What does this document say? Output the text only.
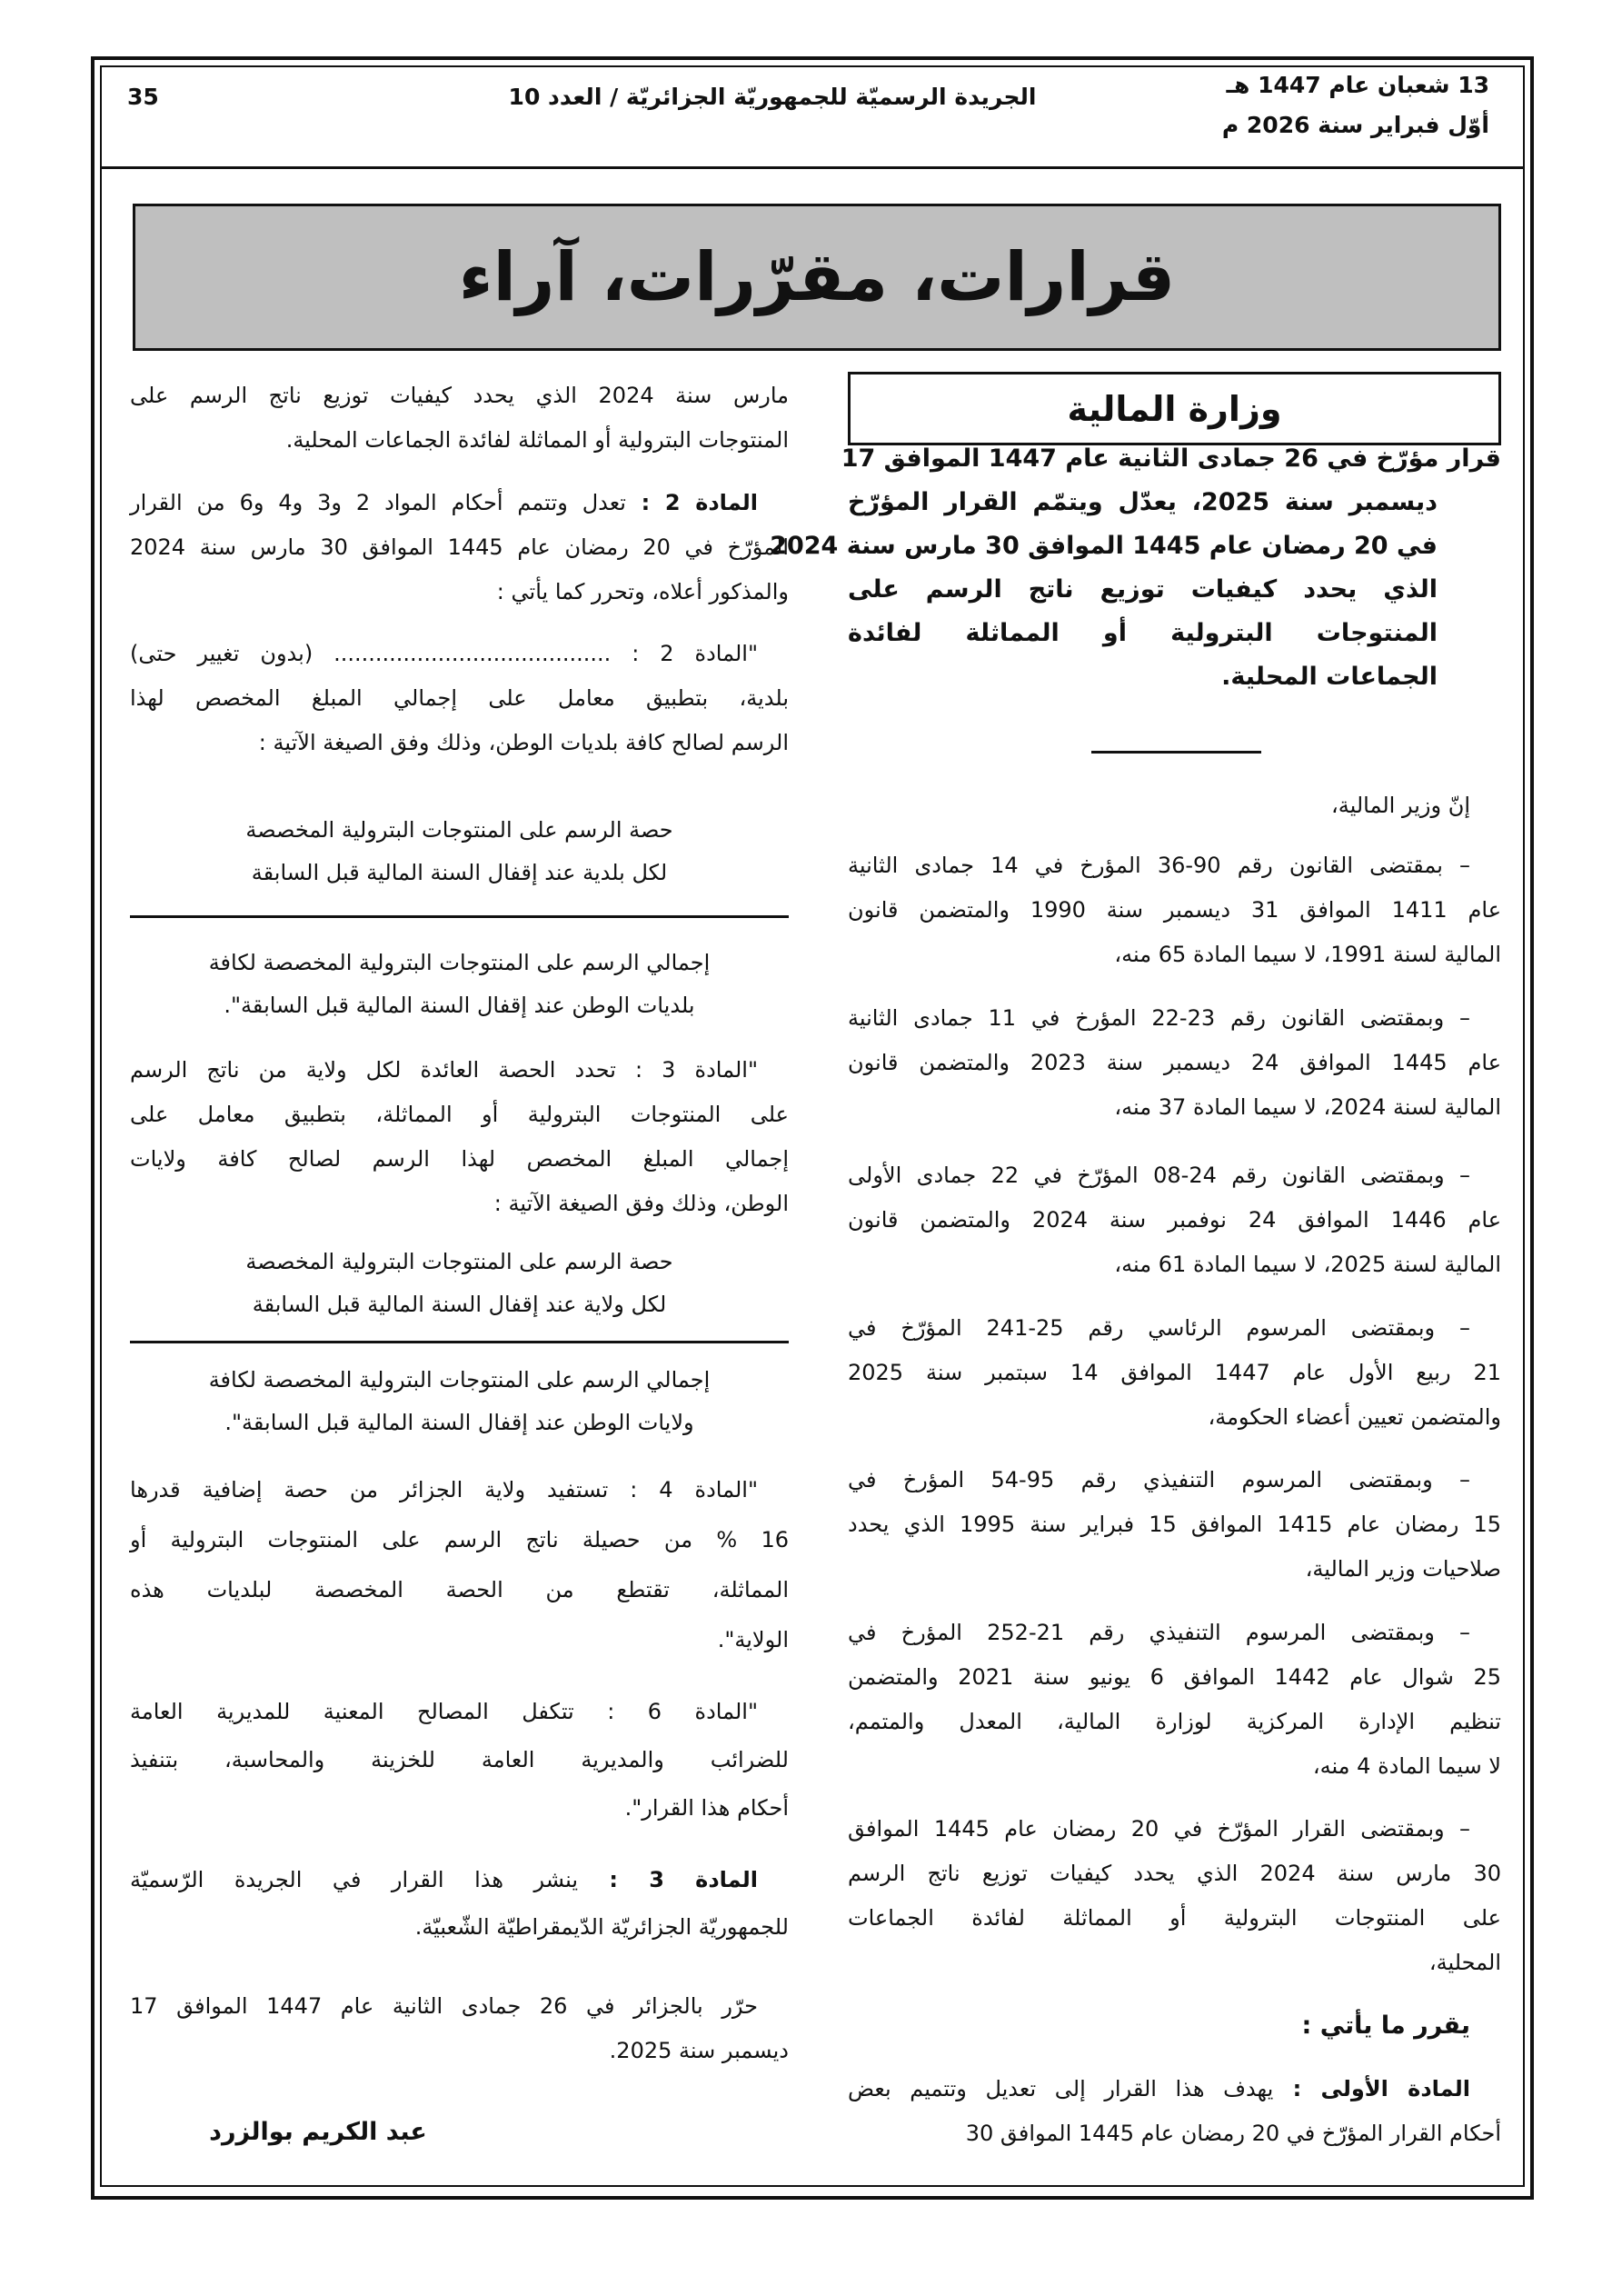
13 شعبان عام 1447 هـ
أوّل فبراير سنة 2026 م
الجريدة الرسميّة للجمهوريّة الجزائريّة / العدد 10
35
قرارات، مقرّرات، آراء
وزارة المالية
قرار مؤرّخ في 26 جمادى الثانية عام 1447 الموافق 17
ديسمبر سنة 2025، يعدّل ويتمّم القرار المؤرّخ
في 20 رمضان عام 1445 الموافق 30 مارس سنة 2024
الذي يحدد كيفيات توزيع ناتج الرسم على
المنتوجات البترولية أو المماثلة لفائدة
الجماعات المحلية.
إنّ وزير المالية،
– بمقتضى القانون رقم 90-36 المؤرخ في 14 جمادى الثانية
عام 1411 الموافق 31 ديسمبر سنة 1990 والمتضمن قانون
المالية لسنة 1991، لا سيما المادة 65 منه،
– وبمقتضى القانون رقم 23-22 المؤرخ في 11 جمادى الثانية
عام 1445 الموافق 24 ديسمبر سنة 2023 والمتضمن قانون
المالية لسنة 2024، لا سيما المادة 37 منه،
– وبمقتضى القانون رقم 24-08 المؤرّخ في 22 جمادى الأولى
عام 1446 الموافق 24 نوفمبر سنة 2024 والمتضمن قانون
المالية لسنة 2025، لا سيما المادة 61 منه،
– وبمقتضى المرسوم الرئاسي رقم 25-241 المؤرّخ في
21 ربيع الأول عام 1447 الموافق 14 سبتمبر سنة 2025
والمتضمن تعيين أعضاء الحكومة،
– وبمقتضى المرسوم التنفيذي رقم 95-54 المؤرخ في
15 رمضان عام 1415 الموافق 15 فبراير سنة 1995 الذي يحدد
صلاحيات وزير المالية،
– وبمقتضى المرسوم التنفيذي رقم 21-252 المؤرخ في
25 شوال عام 1442 الموافق 6 يونيو سنة 2021 والمتضمن
تنظيم الإدارة المركزية لوزارة المالية، المعدل والمتمم،
لا سيما المادة 4 منه،
– وبمقتضى القرار المؤرّخ في 20 رمضان عام 1445 الموافق
30 مارس سنة 2024 الذي يحدد كيفيات توزيع ناتج الرسم
على المنتوجات البترولية أو المماثلة لفائدة الجماعات
المحلية،
يقرر ما يأتي :
المادة الأولى : يهدف هذا القرار إلى تعديل وتتميم بعض
أحكام القرار المؤرّخ في 20 رمضان عام 1445 الموافق 30
مارس سنة 2024 الذي يحدد كيفيات توزيع ناتج الرسم على
المنتوجات البترولية أو المماثلة لفائدة الجماعات المحلية.
المادة 2 : تعدل وتتمم أحكام المواد 2 و3 و4 و6 من القرار
المؤرّخ في 20 رمضان عام 1445 الموافق 30 مارس سنة 2024
والمذكور أعلاه، وتحرر كما يأتي :
"المادة 2 : ........................................ (بدون تغيير حتى)
بلدية، بتطبيق معامل على إجمالي المبلغ المخصص لهذا
الرسم لصالح كافة بلديات الوطن، وذلك وفق الصيغة الآتية :
حصة الرسم على المنتوجات البترولية المخصصة
لكل بلدية عند إقفال السنة المالية قبل السابقة
إجمالي الرسم على المنتوجات البترولية المخصصة لكافة
بلديات الوطن عند إقفال السنة المالية قبل السابقة".
"المادة 3 : تحدد الحصة العائدة لكل ولاية من ناتج الرسم
على المنتوجات البترولية أو المماثلة، بتطبيق معامل على
إجمالي المبلغ المخصص لهذا الرسم لصالح كافة ولايات
الوطن، وذلك وفق الصيغة الآتية :
حصة الرسم على المنتوجات البترولية المخصصة
لكل ولاية عند إقفال السنة المالية قبل السابقة
إجمالي الرسم على المنتوجات البترولية المخصصة لكافة
ولايات الوطن عند إقفال السنة المالية قبل السابقة".
"المادة 4 : تستفيد ولاية الجزائر من حصة إضافية قدرها
16 % من حصيلة ناتج الرسم على المنتوجات البترولية أو
المماثلة، تقتطع من الحصة المخصصة لبلديات هذه
الولاية".
"المادة 6 : تتكفل المصالح المعنية للمديرية العامة
للضرائب والمديرية العامة للخزينة والمحاسبة، بتنفيذ
أحكام هذا القرار".
المادة 3 : ينشر هذا القرار في الجريدة الرّسميّة
للجمهوريّة الجزائريّة الدّيمقراطيّة الشّعبيّة.
حرّر بالجزائر في 26 جمادى الثانية عام 1447 الموافق 17
ديسمبر سنة 2025.
عبد الكريم بوالزرد
